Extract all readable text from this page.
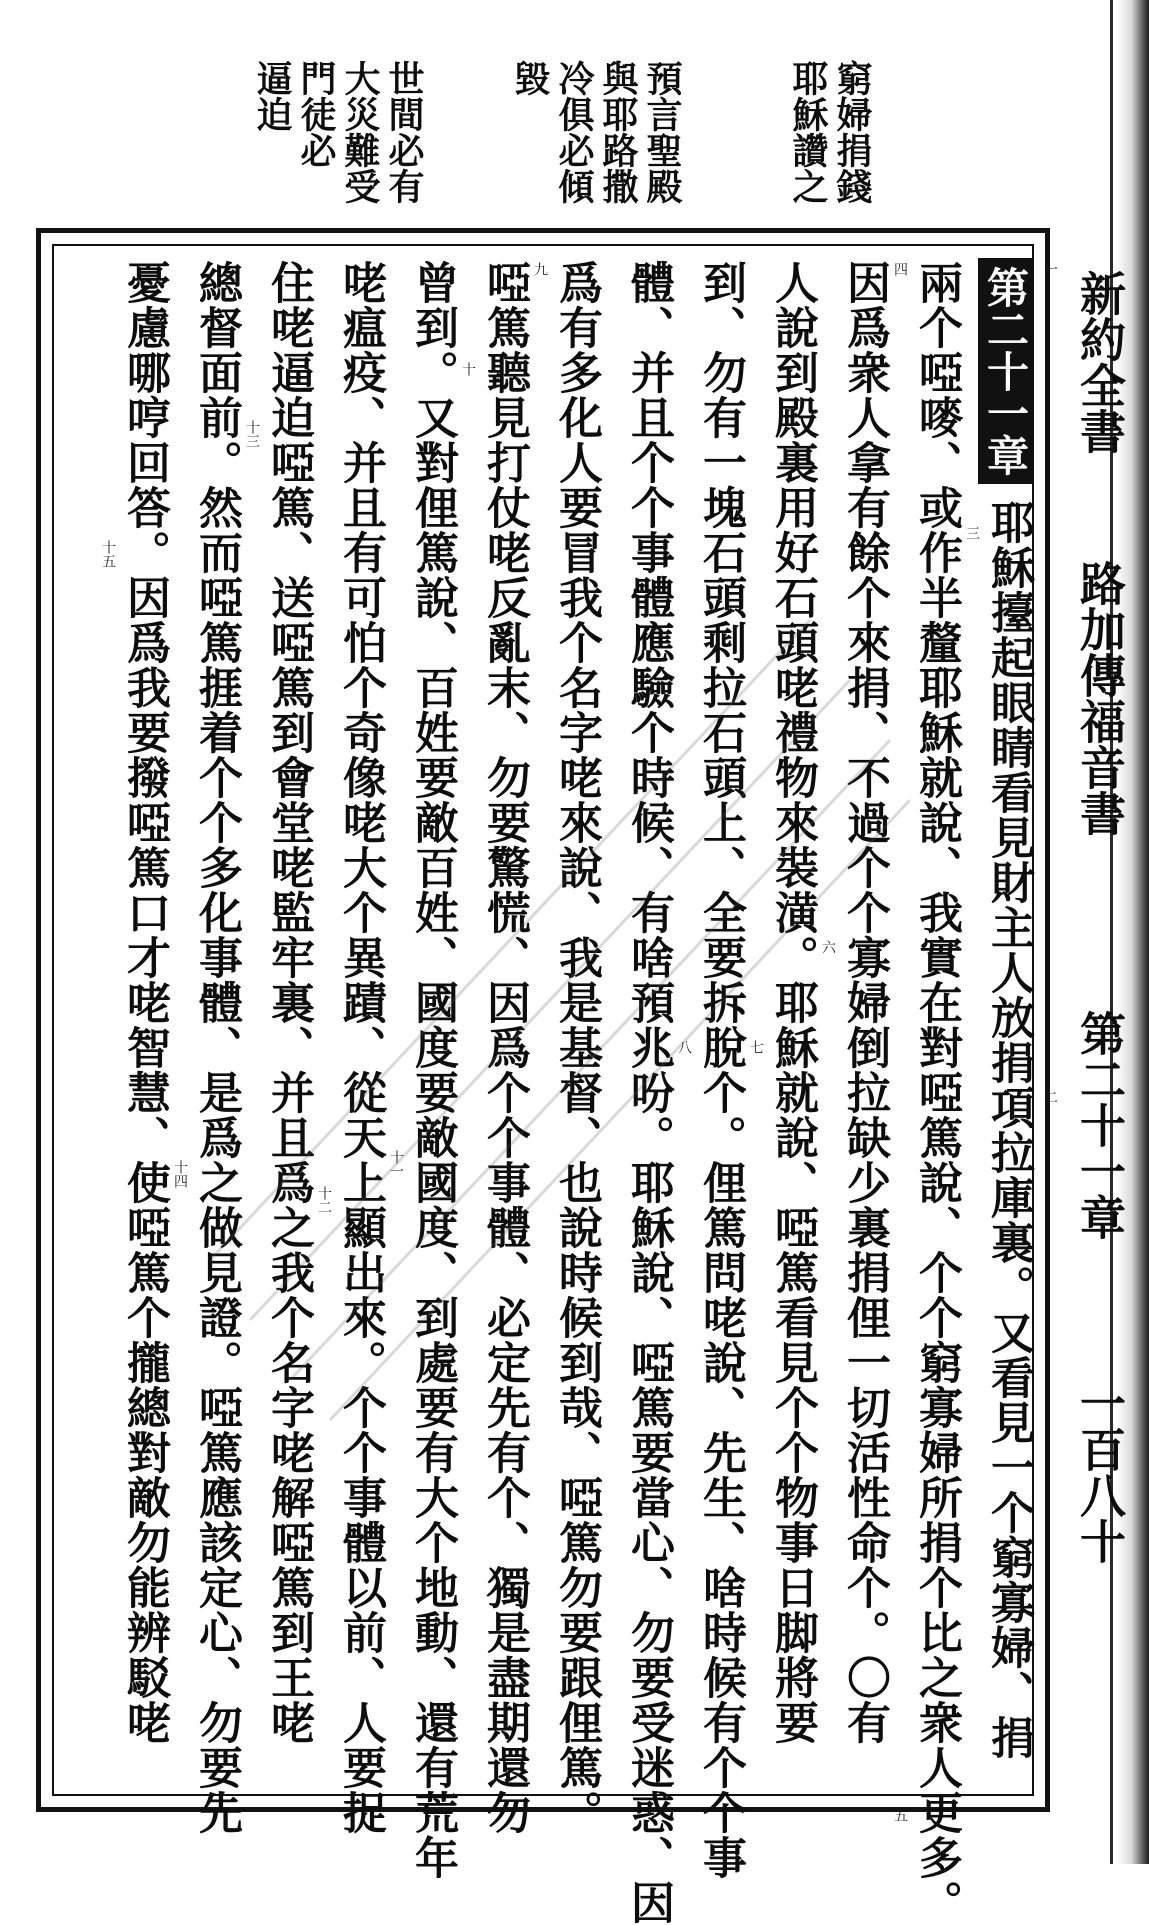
窮婦捐錢
耶穌讚之
預言聖殿
與耶路撒
冷俱必傾
毀
世間必有
大災難受
門徒必
逼迫
新約全書
路加傳福音書
第二十一章
一百八十
第二十一章
耶穌擡起眼睛看見財主人放捐項拉庫裏。又看見一个窮寡婦、捐
兩个啞嘜、或作半釐耶穌就說、我實在對啞篤說、个个窮寡婦所捐个比之衆人更多。
因爲衆人拿有餘个來捐、不過个个寡婦倒拉缺少裏捐俚一切活性命个。〇有
人說到殿裏用好石頭咾禮物來裝潢。耶穌就說、啞篤看見个个物事日脚將要
到、勿有一塊石頭剩拉石頭上、全要拆脫个。俚篤問咾說、先生、啥時候有个个事
體、并且个个事體應驗个時候、有啥預兆吩。耶穌說、啞篤要當心、勿要受迷惑、因
爲有多化人要冒我个名字咾來說、我是基督、也說時候到哉、啞篤勿要跟俚篤。
啞篤聽見打仗咾反亂末、勿要驚慌、因爲个个事體、必定先有个、獨是盡期還勿
曾到。又對俚篤說、百姓要敵百姓、國度要敵國度、到處要有大个地動、還有荒年
咾瘟疫、并且有可怕个奇像咾大个異蹟、從天上顯出來。个个事體以前、人要捉
住咾逼迫啞篤、送啞篤到會堂咾監牢裏、并且爲之我个名字咾解啞篤到王咾
總督面前。然而啞篤捱着个个多化事體、是爲之做見證。啞篤應該定心、勿要先
憂慮哪哼回答。因爲我要撥啞篤口才咾智慧、使啞篤个攏總對敵勿能辨駁咾	一
二
三
四
五
六
七
八
九
十
十一
十二
十三
十四
十五
